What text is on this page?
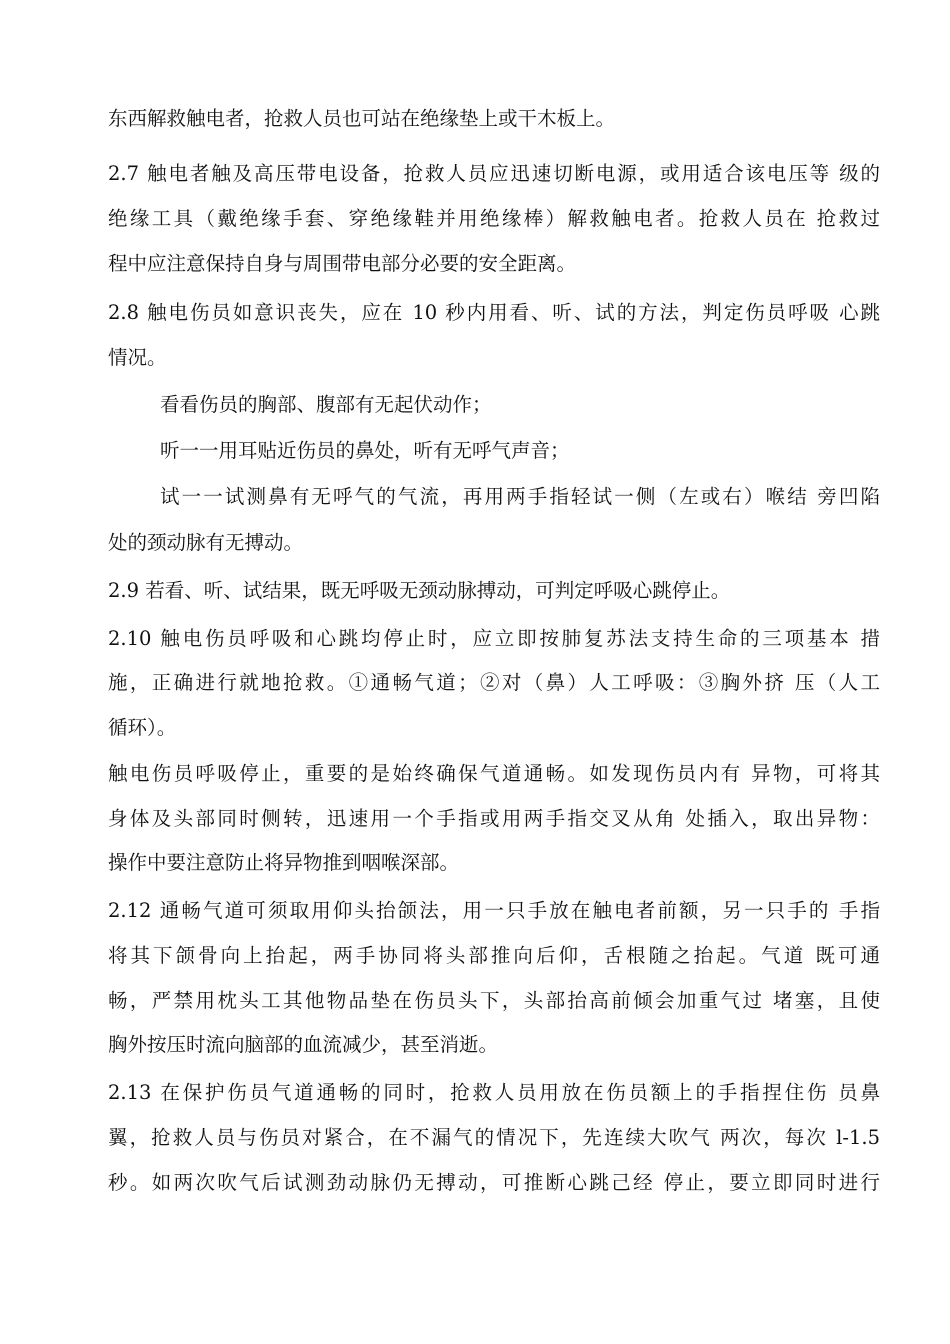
东西解救触电者，抢救人员也可站在绝缘垫上或干木板上。
2.7 触电者触及高压带电设备，抢救人员应迅速切断电源，或用适合该电压等 级的
绝缘工具（戴绝缘手套、穿绝缘鞋并用绝缘棒）解救触电者。抢救人员在 抢救过
程中应注意保持自身与周围带电部分必要的安全距离。
2.8 触电伤员如意识丧失，应在 10 秒内用看、听、试的方法，判定伤员呼吸 心跳
情况。
看看伤员的胸部、腹部有无起伏动作；
听一一用耳贴近伤员的鼻处，听有无呼气声音；
试一一试测鼻有无呼气的气流，再用两手指轻试一侧（左或右）喉结 旁凹陷
处的颈动脉有无搏动。
2.9 若看、听、试结果，既无呼吸无颈动脉搏动，可判定呼吸心跳停止。
2.10 触电伤员呼吸和心跳均停止时，应立即按肺复苏法支持生命的三项基本 措
施，正确进行就地抢救。①通畅气道；②对（鼻）人工呼吸：③胸外挤 压（人工
循环）。
触电伤员呼吸停止，重要的是始终确保气道通畅。如发现伤员内有 异物，可将其
身体及头部同时侧转，迅速用一个手指或用两手指交叉从角 处插入，取出异物：
操作中要注意防止将异物推到咽喉深部。
2.12 通畅气道可须取用仰头抬颌法，用一只手放在触电者前额，另一只手的 手指
将其下颌骨向上抬起，两手协同将头部推向后仰，舌根随之抬起。气道 既可通
畅，严禁用枕头工其他物品垫在伤员头下，头部抬高前倾会加重气过 堵塞，且使
胸外按压时流向脑部的血流减少，甚至消逝。
2.13 在保护伤员气道通畅的同时，抢救人员用放在伤员额上的手指捏住伤 员鼻
翼，抢救人员与伤员对紧合，在不漏气的情况下，先连续大吹气 两次，每次 l-1.5
秒。如两次吹气后试测劲动脉仍无搏动，可推断心跳己经 停止，要立即同时进行
